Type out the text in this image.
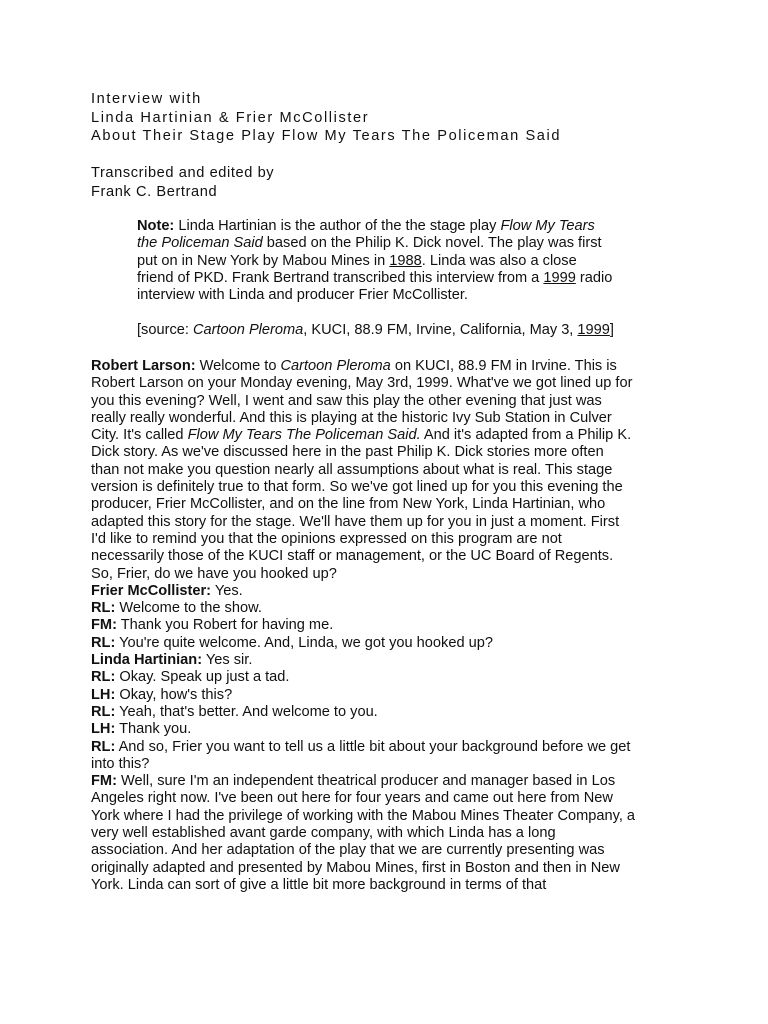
Interview with
Linda Hartinian & Frier McCollister
About Their Stage Play Flow My Tears The Policeman Said
Transcribed and edited by
Frank C. Bertrand

Note: Linda Hartinian is the author of the the stage play Flow My Tears the Policeman Said based on the Philip K. Dick novel. The play was first put on in New York by Mabou Mines in 1988. Linda was also a close friend of PKD. Frank Bertrand transcribed this interview from a 1999 radio interview with Linda and producer Frier McCollister.

[source: Cartoon Pleroma, KUCI, 88.9 FM, Irvine, California, May 3, 1999]

Robert Larson: Welcome to Cartoon Pleroma on KUCI, 88.9 FM in Irvine. This is Robert Larson on your Monday evening, May 3rd, 1999. What've we got lined up for you this evening? Well, I went and saw this play the other evening that just was really really wonderful. And this is playing at the historic Ivy Sub Station in Culver City. It's called Flow My Tears The Policeman Said. And it's adapted from a Philip K. Dick story. As we've discussed here in the past Philip K. Dick stories more often than not make you question nearly all assumptions about what is real. This stage version is definitely true to that form. So we've got lined up for you this evening the producer, Frier McCollister, and on the line from New York, Linda Hartinian, who adapted this story for the stage. We'll have them up for you in just a moment. First I'd like to remind you that the opinions expressed on this program are not necessarily those of the KUCI staff or management, or the UC Board of Regents. So, Frier, do we have you hooked up?

Frier McCollister: Yes.

RL: Welcome to the show.

FM: Thank you Robert for having me.

RL: You're quite welcome. And, Linda, we got you hooked up?

Linda Hartinian: Yes sir.

RL: Okay. Speak up just a tad.

LH: Okay, how's this?

RL: Yeah, that's better. And welcome to you.

LH: Thank you.

RL: And so, Frier you want to tell us a little bit about your background before we get into this?

FM: Well, sure I'm an independent theatrical producer and manager based in Los Angeles right now. I've been out here for four years and came out here from New York where I had the privilege of working with the Mabou Mines Theater Company, a very well established avant garde company, with which Linda has a long association. And her adaptation of the play that we are currently presenting was originally adapted and presented by Mabou Mines, first in Boston and then in New York. Linda can sort of give a little bit more background in terms of that
